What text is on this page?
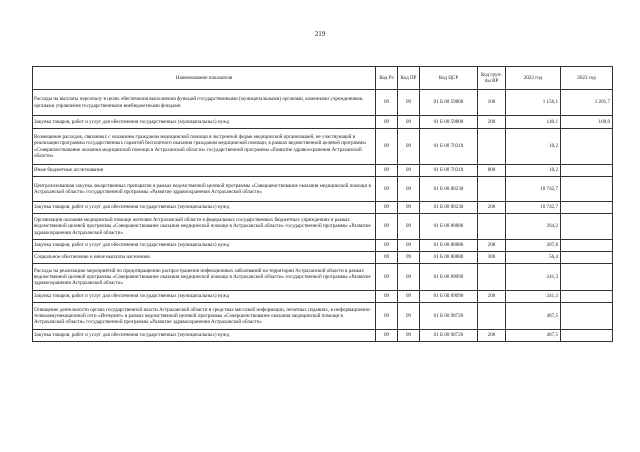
219
Наименование показателя	Код Рз	Код ПР	Код ЦСР	Код груп-пы ВР	2022 год	2023 год
Расходы на выплаты персоналу в целях обеспечения выполнения функций государственными (муниципальными) органами, казенными учреждениями, органами управления государственными внебюджетными фондами	09	09	01 Б 00 59800	100	1 156,1	1 201,7
Закупка товаров, работ и услуг для обеспечения государственных (муниципальных) нужд	09	09	01 Б 00 59800	200	140,1	100,0
Возмещение расходов, связанных с оказанием гражданам медицинской помощи в экстренной форме медицинской организацией, не участвующей в реализации программы государственных гарантий бесплатного оказания гражданам медицинской помощи, в рамках ведомственной целевой программы «Совершенствование оказания медицинской помощи в Астраханской области» государственной программы «Развитие здравоохранения Астраханской области»	09	09	01 Б 00 70310		10,2	
Иные бюджетные ассигнования	09	09	01 Б 00 70310	800	10,2	
Централизованная закупка лекарственных препаратов в рамках ведомственной целевой программы «Совершенствование оказания медицинской помощи в Астраханской области» государственной программы «Развитие здравоохранения Астраханской области»	09	09	01 Б 00 80230		10 742,7	
Закупка товаров, работ и услуг для обеспечения государственных (муниципальных) нужд	09	09	01 Б 00 80230	200	10 742,7	
Организация оказания медицинской помощи жителям Астраханской области в федеральных государственных бюджетных учреждениях в рамках ведомственной целевой программы «Совершенствование оказания медицинской помощи в Астраханской области» государственной программы «Развитие здравоохранения Астраханской области»	09	09	01 Б 00 80880		264,2	
Закупка товаров, работ и услуг для обеспечения государственных (муниципальных) нужд	09	09	01 Б 00 80880	200	207,8	
Социальное обеспечение и иные выплаты населению	09	09	01 Б 00 80880	300	56,4	
Расходы на реализацию мероприятий по предотвращению распространения инфекционных заболеваний на территории Астраханской области в рамках ведомственной целевой программы «Совершенствование оказания медицинской помощи в Астраханской области» государственной программы «Развитие здравоохранения Астраханской области»	09	09	01 Б 00 89090		241,3	
Закупка товаров, работ и услуг для обеспечения государственных (муниципальных) нужд	09	09	01 Б 00 89090	200	241,3	
Освещение деятельности органа государственной власти Астраханской области в средствах массовой информации, печатных изданиях, в информационно-телекоммуникационной сети «Интернет» в рамках ведомственной целевой программы «Совершенствование оказания медицинской помощи в Астраханской области» государственной программы «Развитие здравоохранения Астраханской области»	09	09	01 Б 00 98720		487,5	
Закупка товаров, работ и услуг для обеспечения государственных (муниципальных) нужд	09	09	01 Б 00 98720	200	487,5	
